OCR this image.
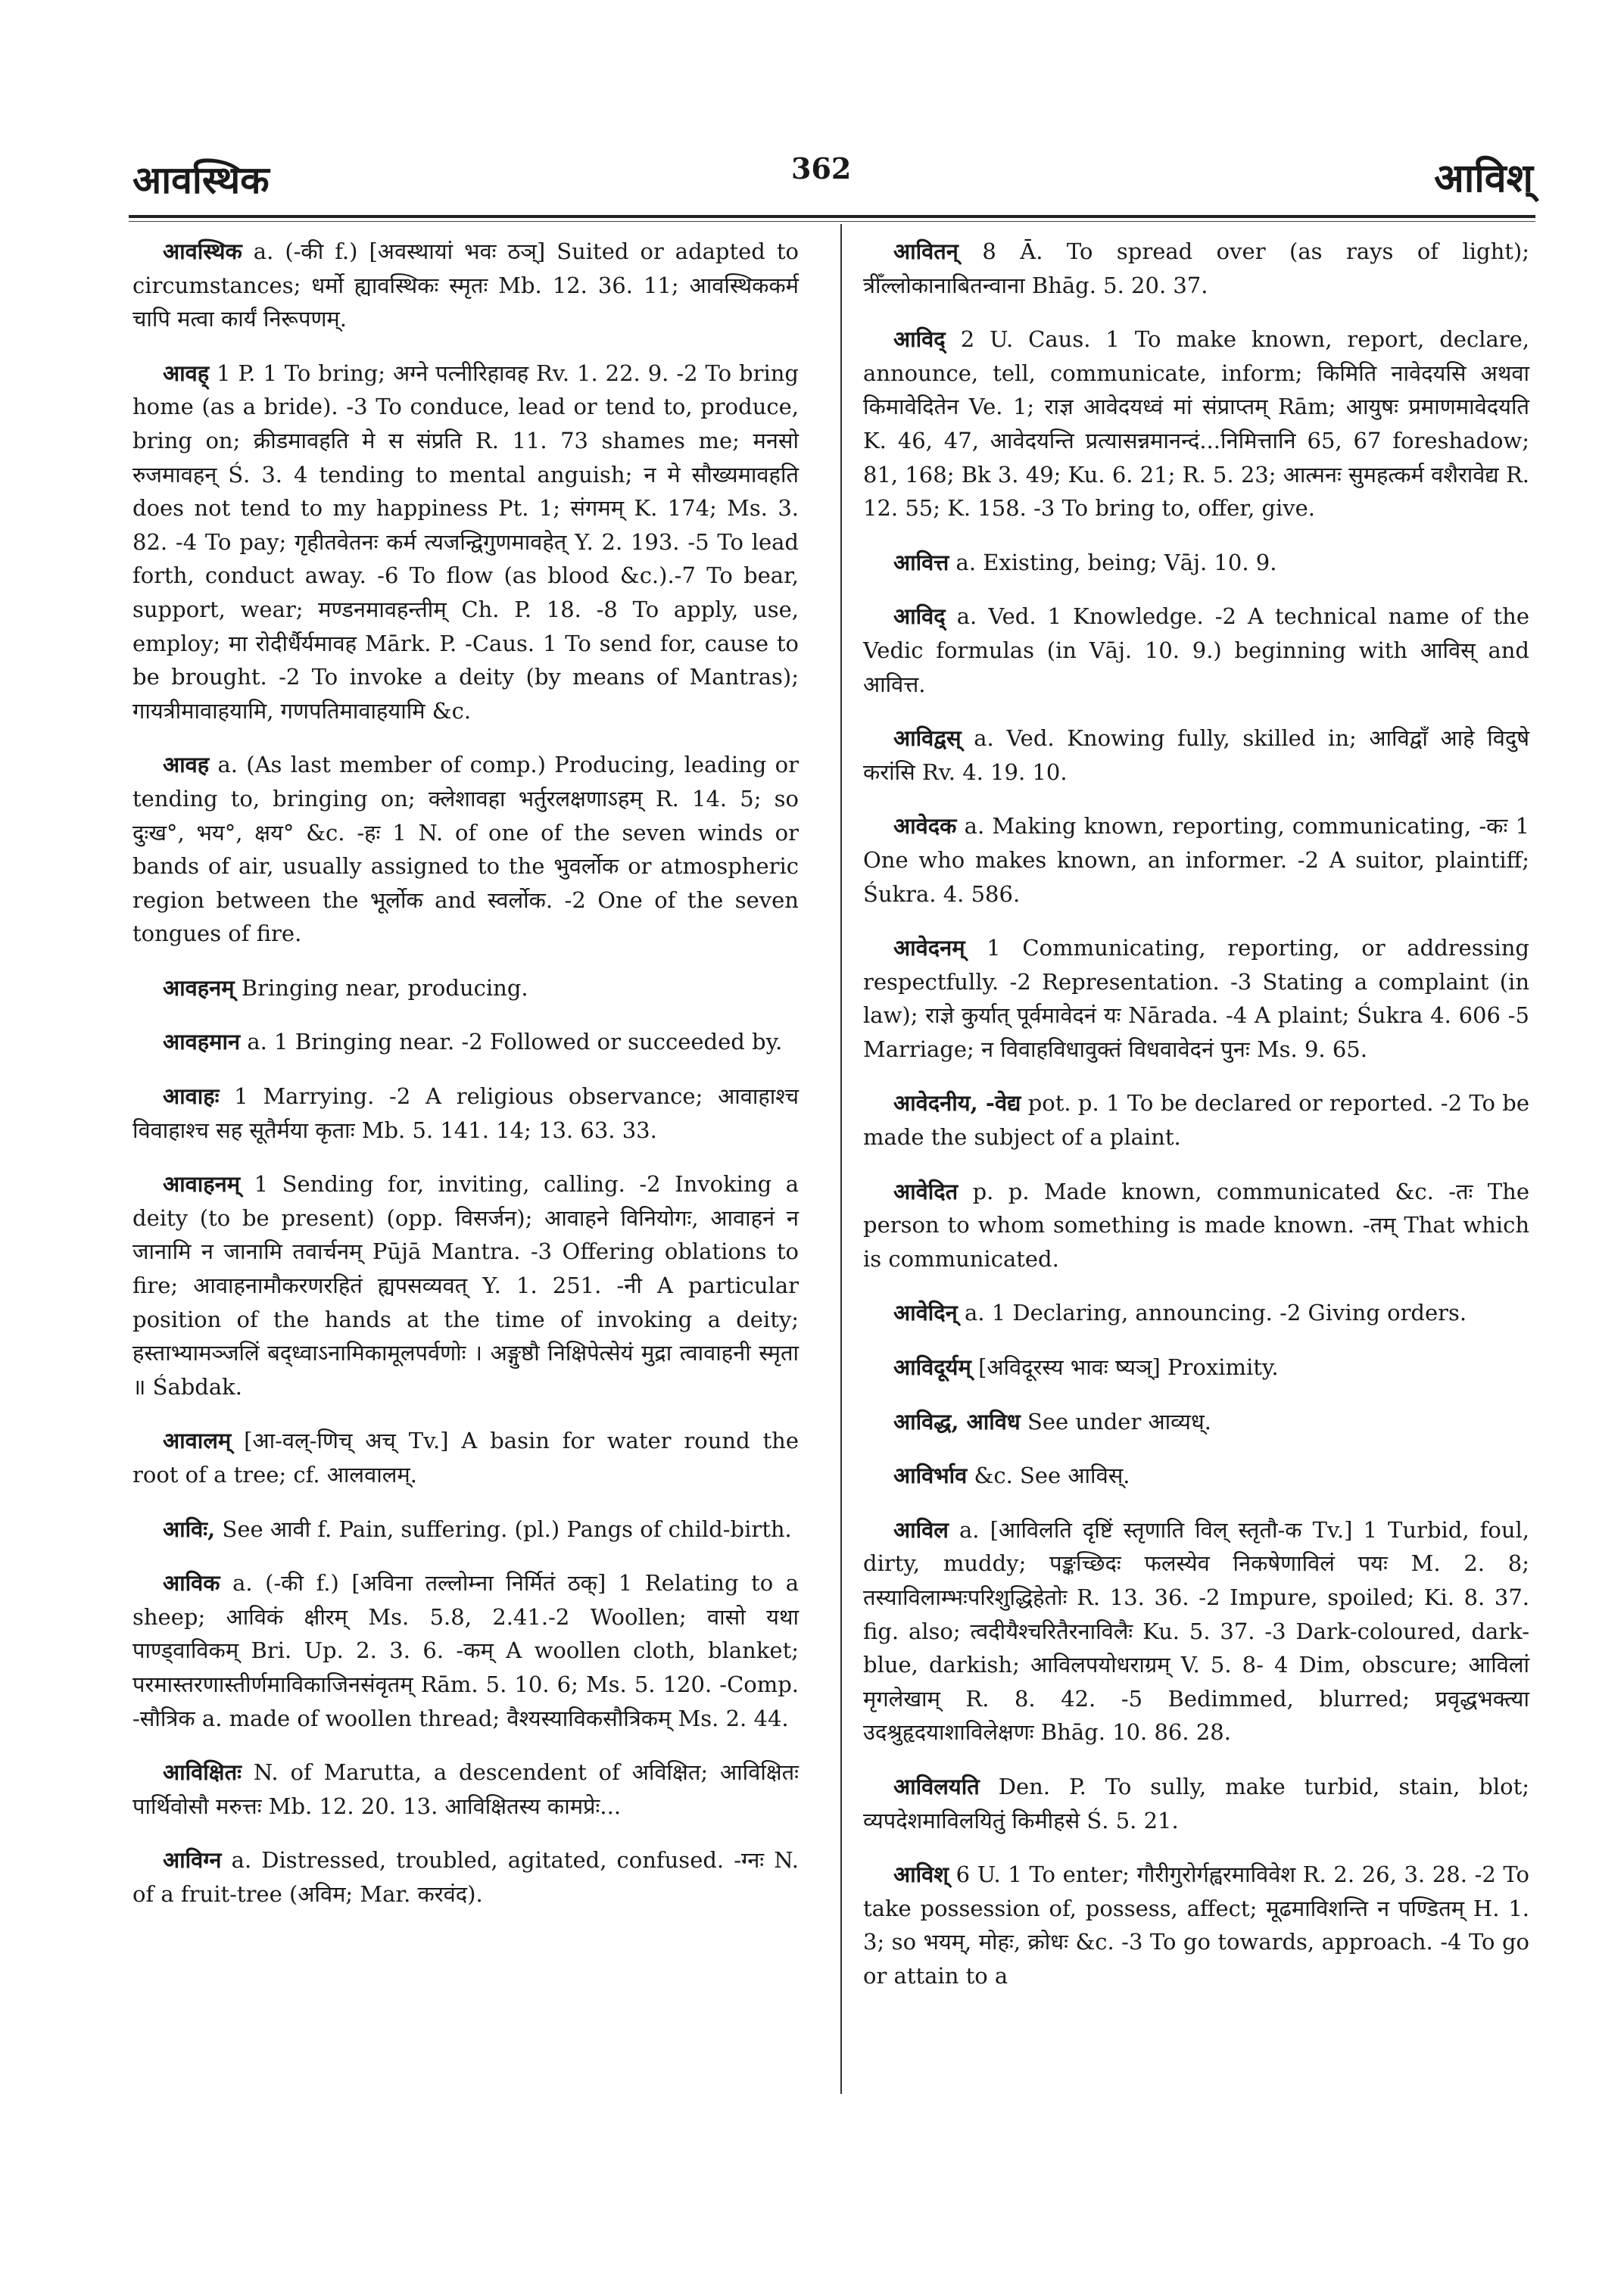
आवस्थिक	362	आविश्

आवस्थिक a. (-की f.) [अवस्थायां भवः ठञ्] Suited or adapted to circumstances; धर्मो ह्यावस्थिकः स्मृतः Mb. 12. 36. 11; आवस्थिककर्म चापि मत्वा कार्यं निरूपणम्.

आवह् 1 P. 1 To bring; अग्ने पत्नीरिहावह Rv. 1. 22. 9. -2 To bring home (as a bride). -3 To conduce, lead or tend to, produce, bring on; क्रीडमावहति मे स संप्रति R. 11. 73 shames me; मनसो रुजमावहन् Ś. 3. 4 tending to mental anguish; न मे सौख्यमावहति does not tend to my happiness Pt. 1; संगमम् K. 174; Ms. 3. 82. -4 To pay; गृहीतवेतनः कर्म त्यजन्द्विगुणमावहेत् Y. 2. 193. -5 To lead forth, conduct away. -6 To flow (as blood &c.).-7 To bear, support, wear; मण्डनमावहन्तीम् Ch. P. 18. -8 To apply, use, employ; मा रोदीर्धैर्यमावह Mārk. P. -Caus. 1 To send for, cause to be brought. -2 To invoke a deity (by means of Mantras); गायत्रीमावाहयामि, गणपतिमावाहयामि &c.

आवह a. (As last member of comp.) Producing, leading or tending to, bringing on; क्लेशावहा भर्तुरलक्षणाऽहम् R. 14. 5; so दुःख°, भय°, क्षय° &c. -हः 1 N. of one of the seven winds or bands of air, usually assigned to the भुवर्लोक or atmospheric region between the भूर्लोक and स्वर्लोक. -2 One of the seven tongues of fire.

आवहनम् Bringing near, producing.

आवहमान a. 1 Bringing near. -2 Followed or succeeded by.

आवाहः 1 Marrying. -2 A religious observance; आवाहाश्च विवाहाश्च सह सूतैर्मया कृताः Mb. 5. 141. 14; 13. 63. 33.

आवाहनम् 1 Sending for, inviting, calling. -2 Invoking a deity (to be present) (opp. विसर्जन); आवाहने विनियोगः, आवाहनं न जानामि न जानामि तवार्चनम् Pūjā Mantra. -3 Offering oblations to fire; आवाहनामौकरणरहितं ह्यपसव्यवत् Y. 1. 251. -नी A particular position of the hands at the time of invoking a deity; हस्ताभ्यामञ्जलिं बद्ध्वाऽनामिकामूलपर्वणोः । अङ्गुष्ठौ निक्षिपेत्सेयं मुद्रा त्वावाहनी स्मृता ॥ Śabdak.

आवालम् [आ-वल्-णिच् अच् Tv.] A basin for water round the root of a tree; cf. आलवालम्.

आविः, See आवी f. Pain, suffering. (pl.) Pangs of child-birth.

आविक a. (-की f.) [अविना तल्लोम्ना निर्मितं ठक्] 1 Relating to a sheep; आविकं क्षीरम् Ms. 5.8, 2.41.-2 Woollen; वासो यथा पाण्ड्वाविकम् Bri. Up. 2. 3. 6. -कम् A woollen cloth, blanket; परमास्तरणास्तीर्णमाविकाजिनसंवृतम् Rām. 5. 10. 6; Ms. 5. 120. -Comp. -सौत्रिक a. made of woollen thread; वैश्यस्याविकसौत्रिकम् Ms. 2. 44.

आविक्षितः N. of Marutta, a descendent of अविक्षित; आविक्षितः पार्थिवोसौ मरुत्तः Mb. 12. 20. 13. आविक्षितस्य कामप्रेः...

आविग्न a. Distressed, troubled, agitated, confused. -ग्नः N. of a fruit-tree (अविम; Mar. करवंद).

आवितन् 8 Ā. To spread over (as rays of light); त्रीँल्लोकानाबितन्वाना Bhāg. 5. 20. 37.

आविद् 2 U. Caus. 1 To make known, report, declare, announce, tell, communicate, inform; किमिति नावेदयसि अथवा किमावेदितेन Ve. 1; राज्ञ आवेदयध्वं मां संप्राप्तम् Rām; आयुषः प्रमाणमावेदयति K. 46, 47, आवेदयन्ति प्रत्यासन्नमानन्दं...निमित्तानि 65, 67 foreshadow; 81, 168; Bk 3. 49; Ku. 6. 21; R. 5. 23; आत्मनः सुमहत्कर्म वशैरावेद्य R. 12. 55; K. 158. -3 To bring to, offer, give.

आवित्त a. Existing, being; Vāj. 10. 9.

आविद् a. Ved. 1 Knowledge. -2 A technical name of the Vedic formulas (in Vāj. 10. 9.) beginning with आविस् and आवित्त.

आविद्वस् a. Ved. Knowing fully, skilled in; आविद्वाँ आहे विदुषे करांसि Rv. 4. 19. 10.

आवेदक a. Making known, reporting, communicating, -कः 1 One who makes known, an informer. -2 A suitor, plaintiff; Śukra. 4. 586.

आवेदनम् 1 Communicating, reporting, or addressing respectfully. -2 Representation. -3 Stating a complaint (in law); राज्ञे कुर्यात् पूर्वमावेदनं यः Nārada. -4 A plaint; Śukra 4. 606 -5 Marriage; न विवाहविधावुक्तं विधवावेदनं पुनः Ms. 9. 65.

आवेदनीय, -वेद्य pot. p. 1 To be declared or reported. -2 To be made the subject of a plaint.

आवेदित p. p. Made known, communicated &c. -तः The person to whom something is made known. -तम् That which is communicated.

आवेदिन् a. 1 Declaring, announcing. -2 Giving orders.

आविदूर्यम् [अविदूरस्य भावः ष्यञ्] Proximity.

आविद्ध, आविध See under आव्यध्.

आविर्भाव &c. See आविस्.

आविल a. [आविलति दृष्टिं स्तृणाति विल् स्तृतौ-क Tv.] 1 Turbid, foul, dirty, muddy; पङ्कच्छिदः फलस्येव निकषेणाविलं पयः M. 2. 8; तस्याविलाम्भःपरिशुद्धिहेतोः R. 13. 36. -2 Impure, spoiled; Ki. 8. 37. fig. also; त्वदीयैश्चरितैरनाविलैः Ku. 5. 37. -3 Dark-coloured, dark-blue, darkish; आविलपयोधराग्रम् V. 5. 8- 4 Dim, obscure; आविलां मृगलेखाम् R. 8. 42. -5 Bedimmed, blurred; प्रवृद्धभक्त्या उदश्रुहृदयाशाविलेक्षणः Bhāg. 10. 86. 28.

आविलयति Den. P. To sully, make turbid, stain, blot; व्यपदेशमाविलयितुं किमीहसे Ś. 5. 21.

आविश् 6 U. 1 To enter; गौरीगुरोर्गह्वरमाविवेश R. 2. 26, 3. 28. -2 To take possession of, possess, affect; मूढमाविशन्ति न पण्डितम् H. 1. 3; so भयम्, मोहः, क्रोधः &c. -3 To go towards, approach. -4 To go or attain to a
